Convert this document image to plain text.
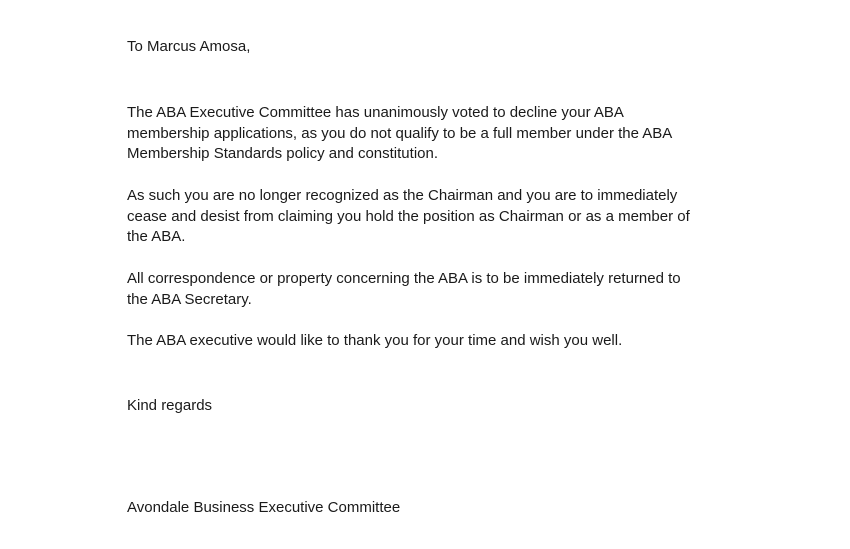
To Marcus Amosa,
The ABA Executive Committee has unanimously voted to decline your ABA
membership applications, as you do not qualify to be a full member under the ABA
Membership Standards policy and constitution.
As such you are no longer recognized as the Chairman and you are to immediately
cease and desist from claiming you hold the position as Chairman or as a member of
the ABA.
All correspondence or property concerning the ABA is to be immediately returned to
the ABA Secretary.
The ABA executive would like to thank you for your time and wish you well.
Kind regards
Avondale Business Executive Committee
